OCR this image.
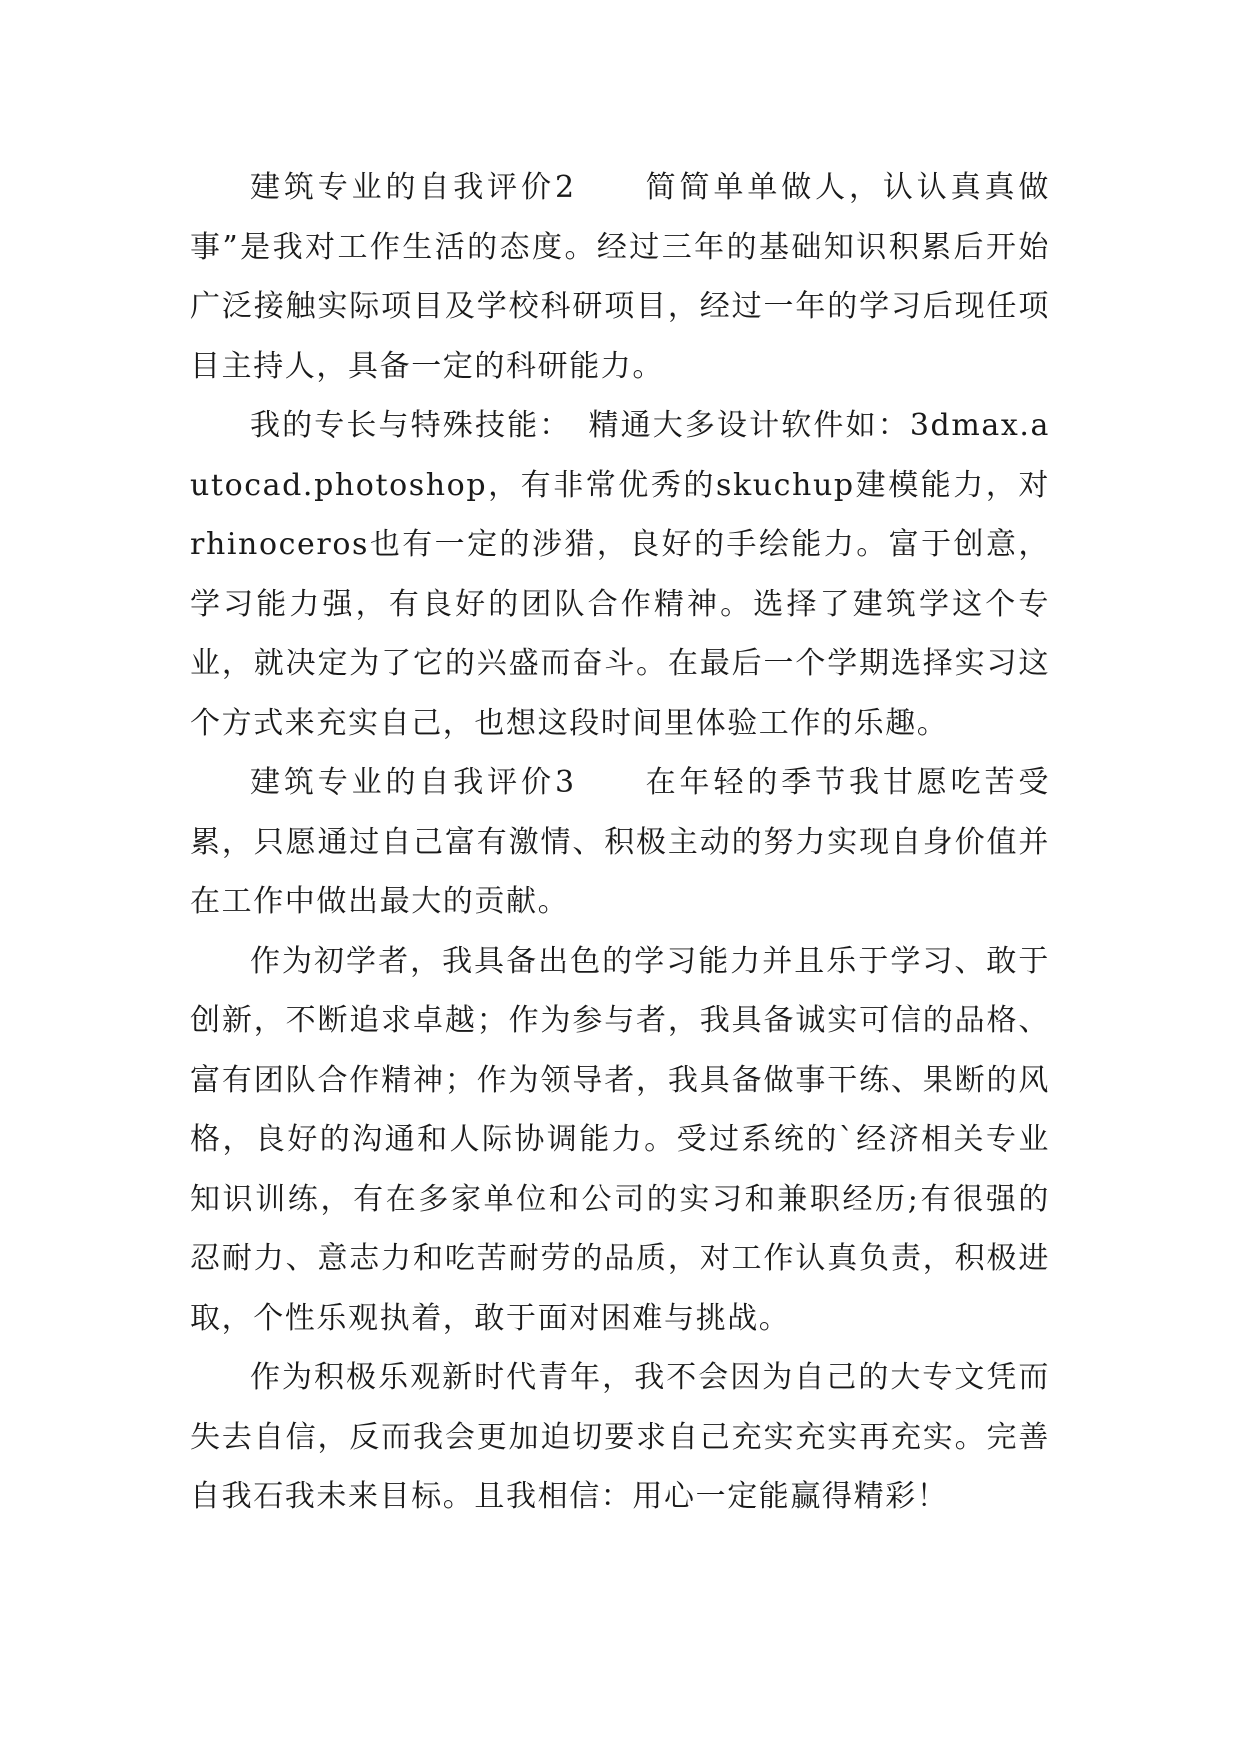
建筑专业的自我评价2　　简简单单做人，认认真真做事”是我对工作生活的态度。经过三年的基础知识积累后开始广泛接触实际项目及学校科研项目，经过一年的学习后现任项目主持人，具备一定的科研能力。

我的专长与特殊技能：　精通大多设计软件如：3dmax.autocad.photoshop，有非常优秀的skuchup建模能力，对rhinoceros也有一定的涉猎，良好的手绘能力。富于创意，学习能力强，有良好的团队合作精神。选择了建筑学这个专业，就决定为了它的兴盛而奋斗。在最后一个学期选择实习这个方式来充实自己，也想这段时间里体验工作的乐趣。

建筑专业的自我评价3　　在年轻的季节我甘愿吃苦受累，只愿通过自己富有激情、积极主动的努力实现自身价值并在工作中做出最大的贡献。

作为初学者，我具备出色的学习能力并且乐于学习、敢于创新，不断追求卓越；作为参与者，我具备诚实可信的品格、富有团队合作精神；作为领导者，我具备做事干练、果断的风格，良好的沟通和人际协调能力。受过系统的`经济相关专业知识训练，有在多家单位和公司的实习和兼职经历;有很强的忍耐力、意志力和吃苦耐劳的品质，对工作认真负责，积极进取，个性乐观执着，敢于面对困难与挑战。

作为积极乐观新时代青年，我不会因为自己的大专文凭而失去自信，反而我会更加迫切要求自己充实充实再充实。完善自我石我未来目标。且我相信：用心一定能赢得精彩！
